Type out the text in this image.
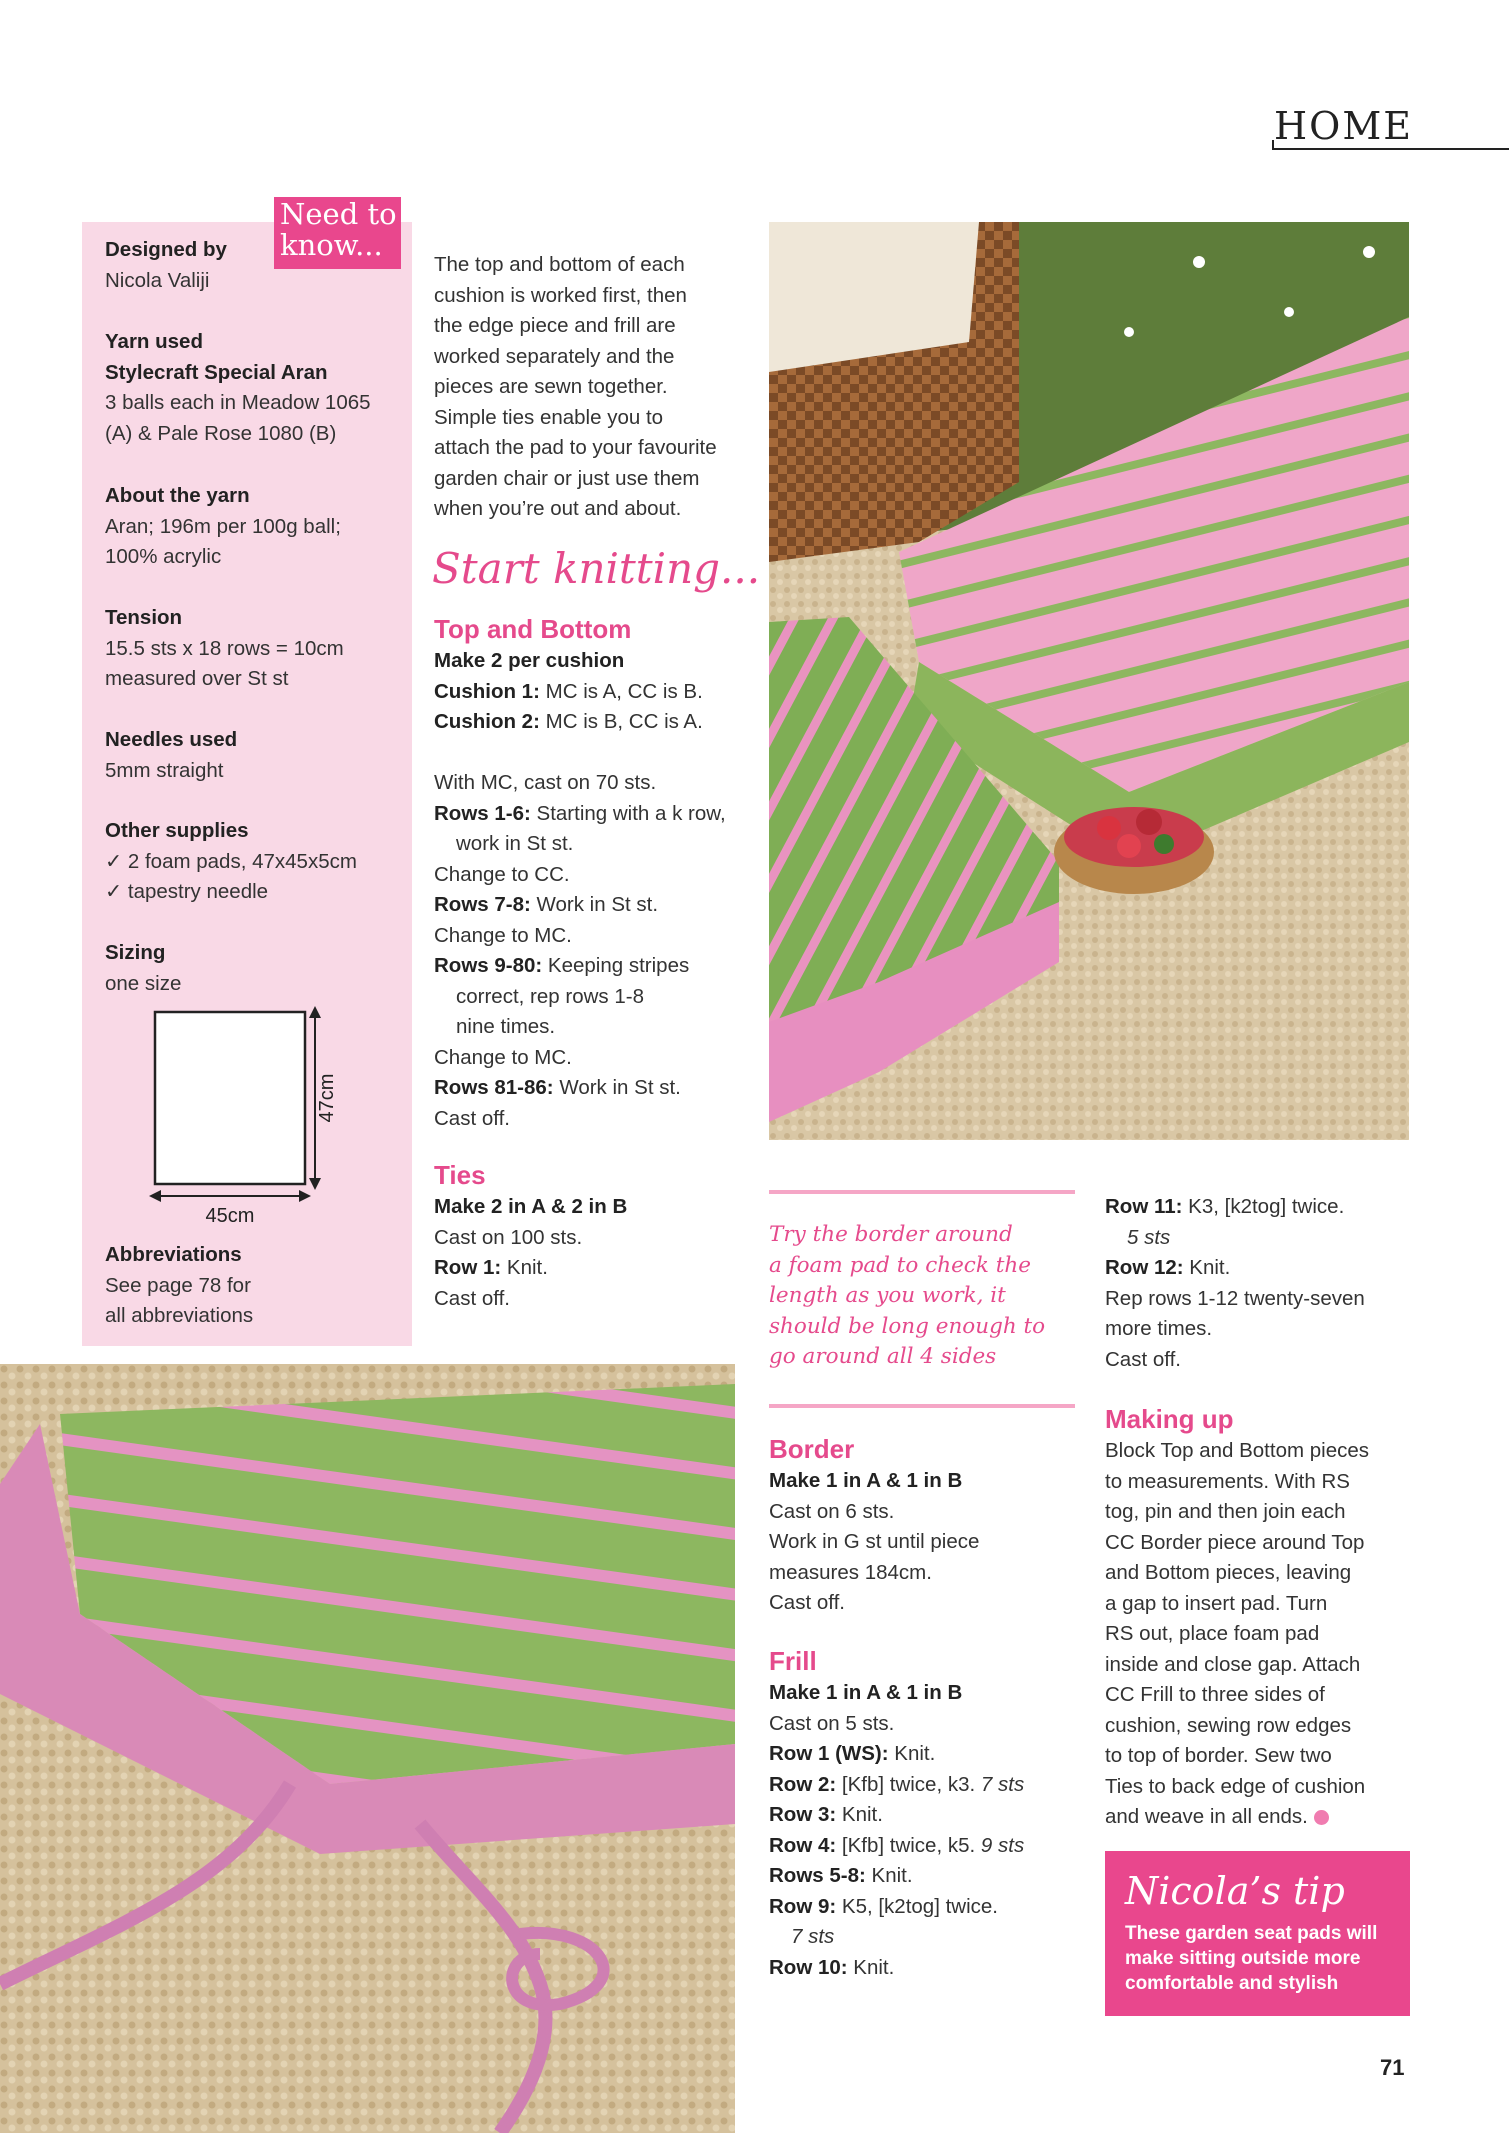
HOME
Need to
know...
Designed by
Nicola Valiji
Yarn used
Stylecraft Special Aran
3 balls each in Meadow 1065
(A) & Pale Rose 1080 (B)
About the yarn
Aran; 196m per 100g ball;
100% acrylic
Tension
15.5 sts x 18 rows = 10cm
measured over St st
Needles used
5mm straight
Other supplies
✓ 2 foam pads, 47x45x5cm
✓ tapestry needle
Sizing
one size
47cm
45cm
Abbreviations
See page 78 for
all abbreviations
The top and bottom of each
cushion is worked first, then
the edge piece and frill are
worked separately and the
pieces are sewn together.
Simple ties enable you to
attach the pad to your favourite
garden chair or just use them
when you’re out and about.
Start knitting...
Top and Bottom
Make 2 per cushion
Cushion 1: MC is A, CC is B.
Cushion 2: MC is B, CC is A.

With MC, cast on 70 sts.
Rows 1-6: Starting with a k row,
work in St st.
Change to CC.
Rows 7-8: Work in St st.
Change to MC.
Rows 9-80: Keeping stripes
correct, rep rows 1-8
nine times.
Change to MC.
Rows 81-86: Work in St st.
Cast off.
Ties
Make 2 in A & 2 in B
Cast on 100 sts.
Row 1: Knit.
Cast off.
Try the border around
a foam pad to check the
length as you work, it
should be long enough to
go around all 4 sides
Border
Make 1 in A & 1 in B
Cast on 6 sts.
Work in G st until piece
measures 184cm.
Cast off.
Frill
Make 1 in A & 1 in B
Cast on 5 sts.
Row 1 (WS): Knit.
Row 2: [Kfb] twice, k3. 7 sts
Row 3: Knit.
Row 4: [Kfb] twice, k5. 9 sts
Rows 5-8: Knit.
Row 9: K5, [k2tog] twice.
7 sts
Row 10: Knit.
Row 11: K3, [k2tog] twice.
5 sts
Row 12: Knit.
Rep rows 1-12 twenty-seven
more times.
Cast off.
Making up
Block Top and Bottom pieces
to measurements. With RS
tog, pin and then join each
CC Border piece around Top
and Bottom pieces, leaving
a gap to insert pad. Turn
RS out, place foam pad
inside and close gap. Attach
CC Frill to three sides of
cushion, sewing row edges
to top of border. Sew two
Ties to back edge of cushion
and weave in all ends.
Nicola’s tip
These garden seat pads will make sitting outside more comfortable and stylish
71
